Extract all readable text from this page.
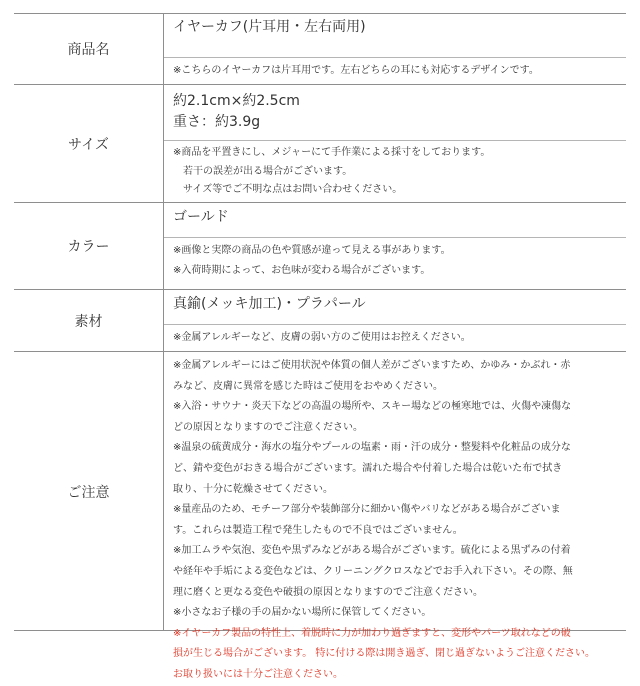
商品名
イヤーカフ(片耳用・左右両用)
※こちらのイヤーカフは片耳用です。左右どちらの耳にも対応するデザインです。
サイズ
約2.1cm×約2.5cm
重さ：約3.9g
※商品を平置きにし、メジャーにて手作業による採寸をしております。
若干の誤差が出る場合がございます。
サイズ等でご不明な点はお問い合わせください。
カラー
ゴールド
※画像と実際の商品の色や質感が違って見える事があります。
※入荷時期によって、お色味が変わる場合がございます。
素材
真鍮(メッキ加工)・プラパール
※金属アレルギーなど、皮膚の弱い方のご使用はお控えください。
ご注意
※金属アレルギーにはご使用状況や体質の個人差がございますため、かゆみ・かぶれ・赤
みなど、皮膚に異常を感じた時はご使用をおやめください。
※入浴・サウナ・炎天下などの高温の場所や、スキー場などの極寒地では、火傷や凍傷な
どの原因となりますのでご注意ください。
※温泉の硫黄成分・海水の塩分やプールの塩素・雨・汗の成分・整髪料や化粧品の成分な
ど、錆や変色がおきる場合がございます。濡れた場合や付着した場合は乾いた布で拭き
取り、十分に乾燥させてください。
※量産品のため、モチーフ部分や装飾部分に細かい傷やバリなどがある場合がございま
す。これらは製造工程で発生したもので不良ではございません。
※加工ムラや気泡、変色や黒ずみなどがある場合がございます。硫化による黒ずみの付着
や経年や手垢による変色などは、クリーニングクロスなどでお手入れ下さい。その際、無
理に磨くと更なる変色や破損の原因となりますのでご注意ください。
※小さなお子様の手の届かない場所に保管してください。
※イヤーカフ製品の特性上、着脱時に力が加わり過ぎますと、変形やパーツ取れなどの破
損が生じる場合がございます。 特に付ける際は開き過ぎ、閉じ過ぎないようご注意ください。
お取り扱いには十分ご注意ください。
